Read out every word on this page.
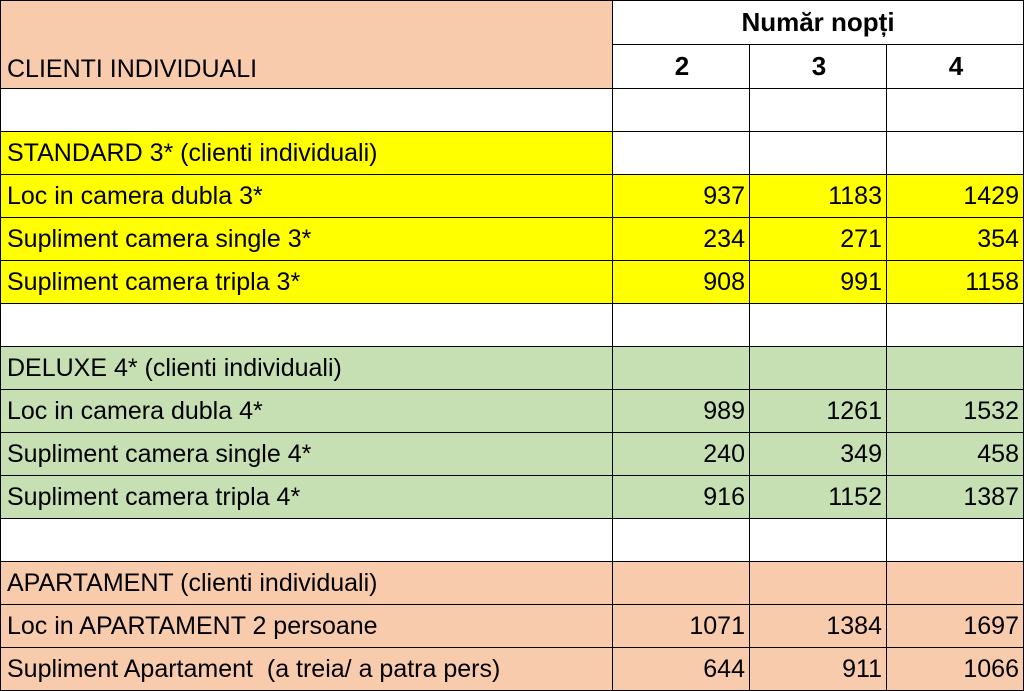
CLIENTI INDIVIDUALI	Număr nopți		
	2	3	4

STANDARD 3* (clienti individuali)			
Loc in camera dubla 3*	937	1183	1429
Supliment camera single 3*	234	271	354
Supliment camera tripla 3*	908	991	1158

DELUXE 4* (clienti individuali)			
Loc in camera dubla 4*	989	1261	1532
Supliment camera single 4*	240	349	458
Supliment camera tripla 4*	916	1152	1387

APARTAMENT (clienti individuali)			
Loc in APARTAMENT 2 persoane	1071	1384	1697
Supliment Apartament  (a treia/ a patra pers)	644	911	1066
